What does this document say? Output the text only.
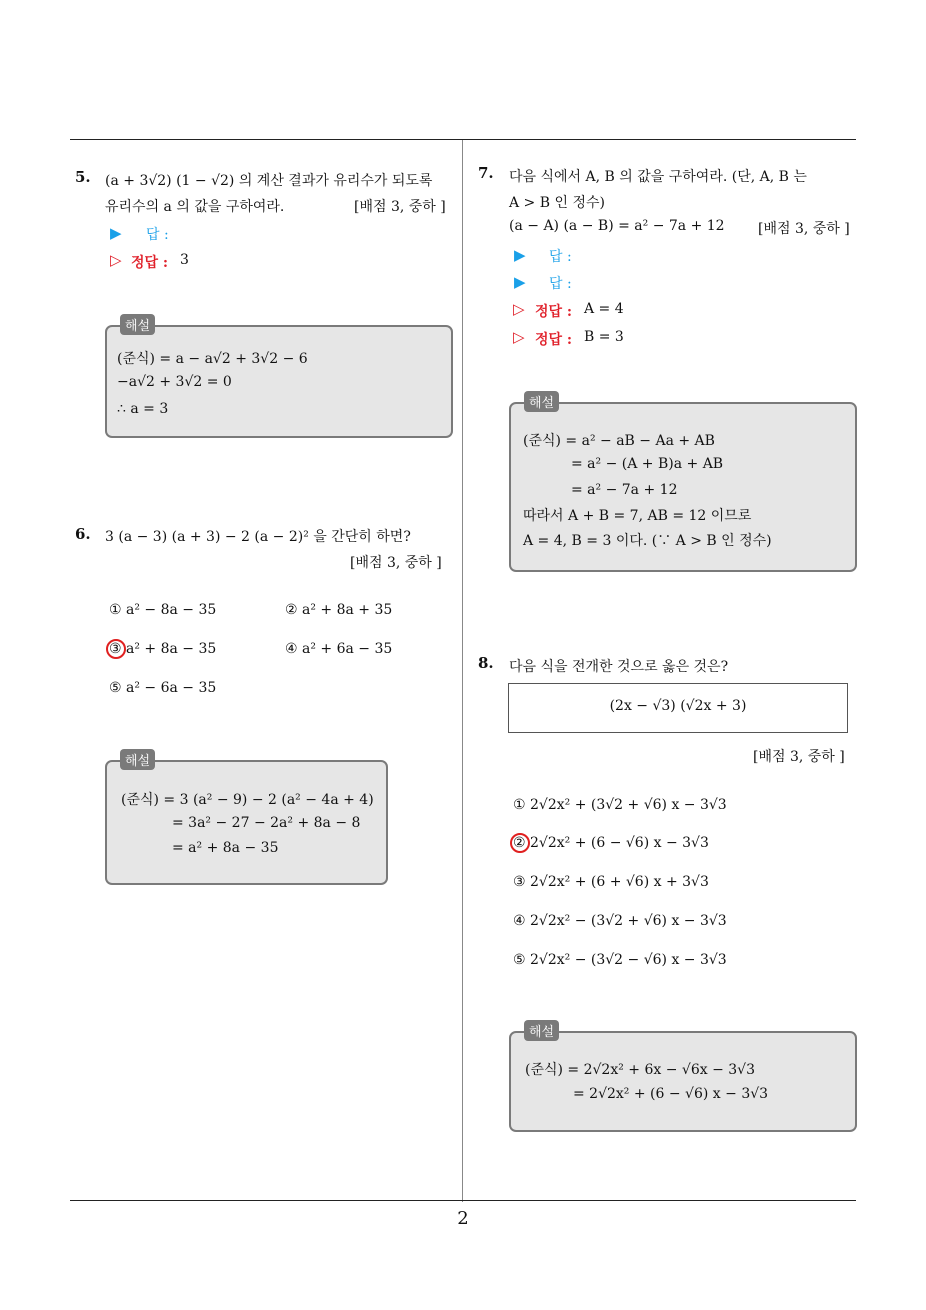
5. (a + 3√2) (1 − √2) 의 계산 결과가 유리수가 되도록
유리수의 a 의 값을 구하여라.	[배점 3, 중하 ]
▶ 답 :
▷ 정답 : 3
해설
(준식) = a − a√2 + 3√2 − 6
−a√2 + 3√2 = 0
∴ a = 3
6. 3 (a − 3) (a + 3) − 2 (a − 2)² 을 간단히 하면?
[배점 3, 중하 ]
① a² − 8a − 35	② a² + 8a + 35
③ a² + 8a − 35	④ a² + 6a − 35
⑤ a² − 6a − 35
해설
(준식) = 3 (a² − 9) − 2 (a² − 4a + 4)
= 3a² − 27 − 2a² + 8a − 8
= a² + 8a − 35
7. 다음 식에서 A, B 의 값을 구하여라. (단, A, B 는
A > B 인 정수)
(a − A) (a − B) = a² − 7a + 12 [배점 3, 중하 ]
▶ 답 :
▶ 답 :
▷ 정답 : A = 4
▷ 정답 : B = 3
해설
(준식) = a² − aB − Aa + AB
= a² − (A + B)a + AB
= a² − 7a + 12
따라서 A + B = 7, AB = 12 이므로
A = 4, B = 3 이다. (∵ A > B 인 정수)
8. 다음 식을 전개한 것으로 옳은 것은?
(2x − √3) (√2x + 3)
[배점 3, 중하 ]
① 2√2x² + (3√2 + √6) x − 3√3
② 2√2x² + (6 − √6) x − 3√3
③ 2√2x² + (6 + √6) x + 3√3
④ 2√2x² − (3√2 + √6) x − 3√3
⑤ 2√2x² − (3√2 − √6) x − 3√3
해설
(준식) = 2√2x² + 6x − √6x − 3√3
= 2√2x² + (6 − √6) x − 3√3
2
